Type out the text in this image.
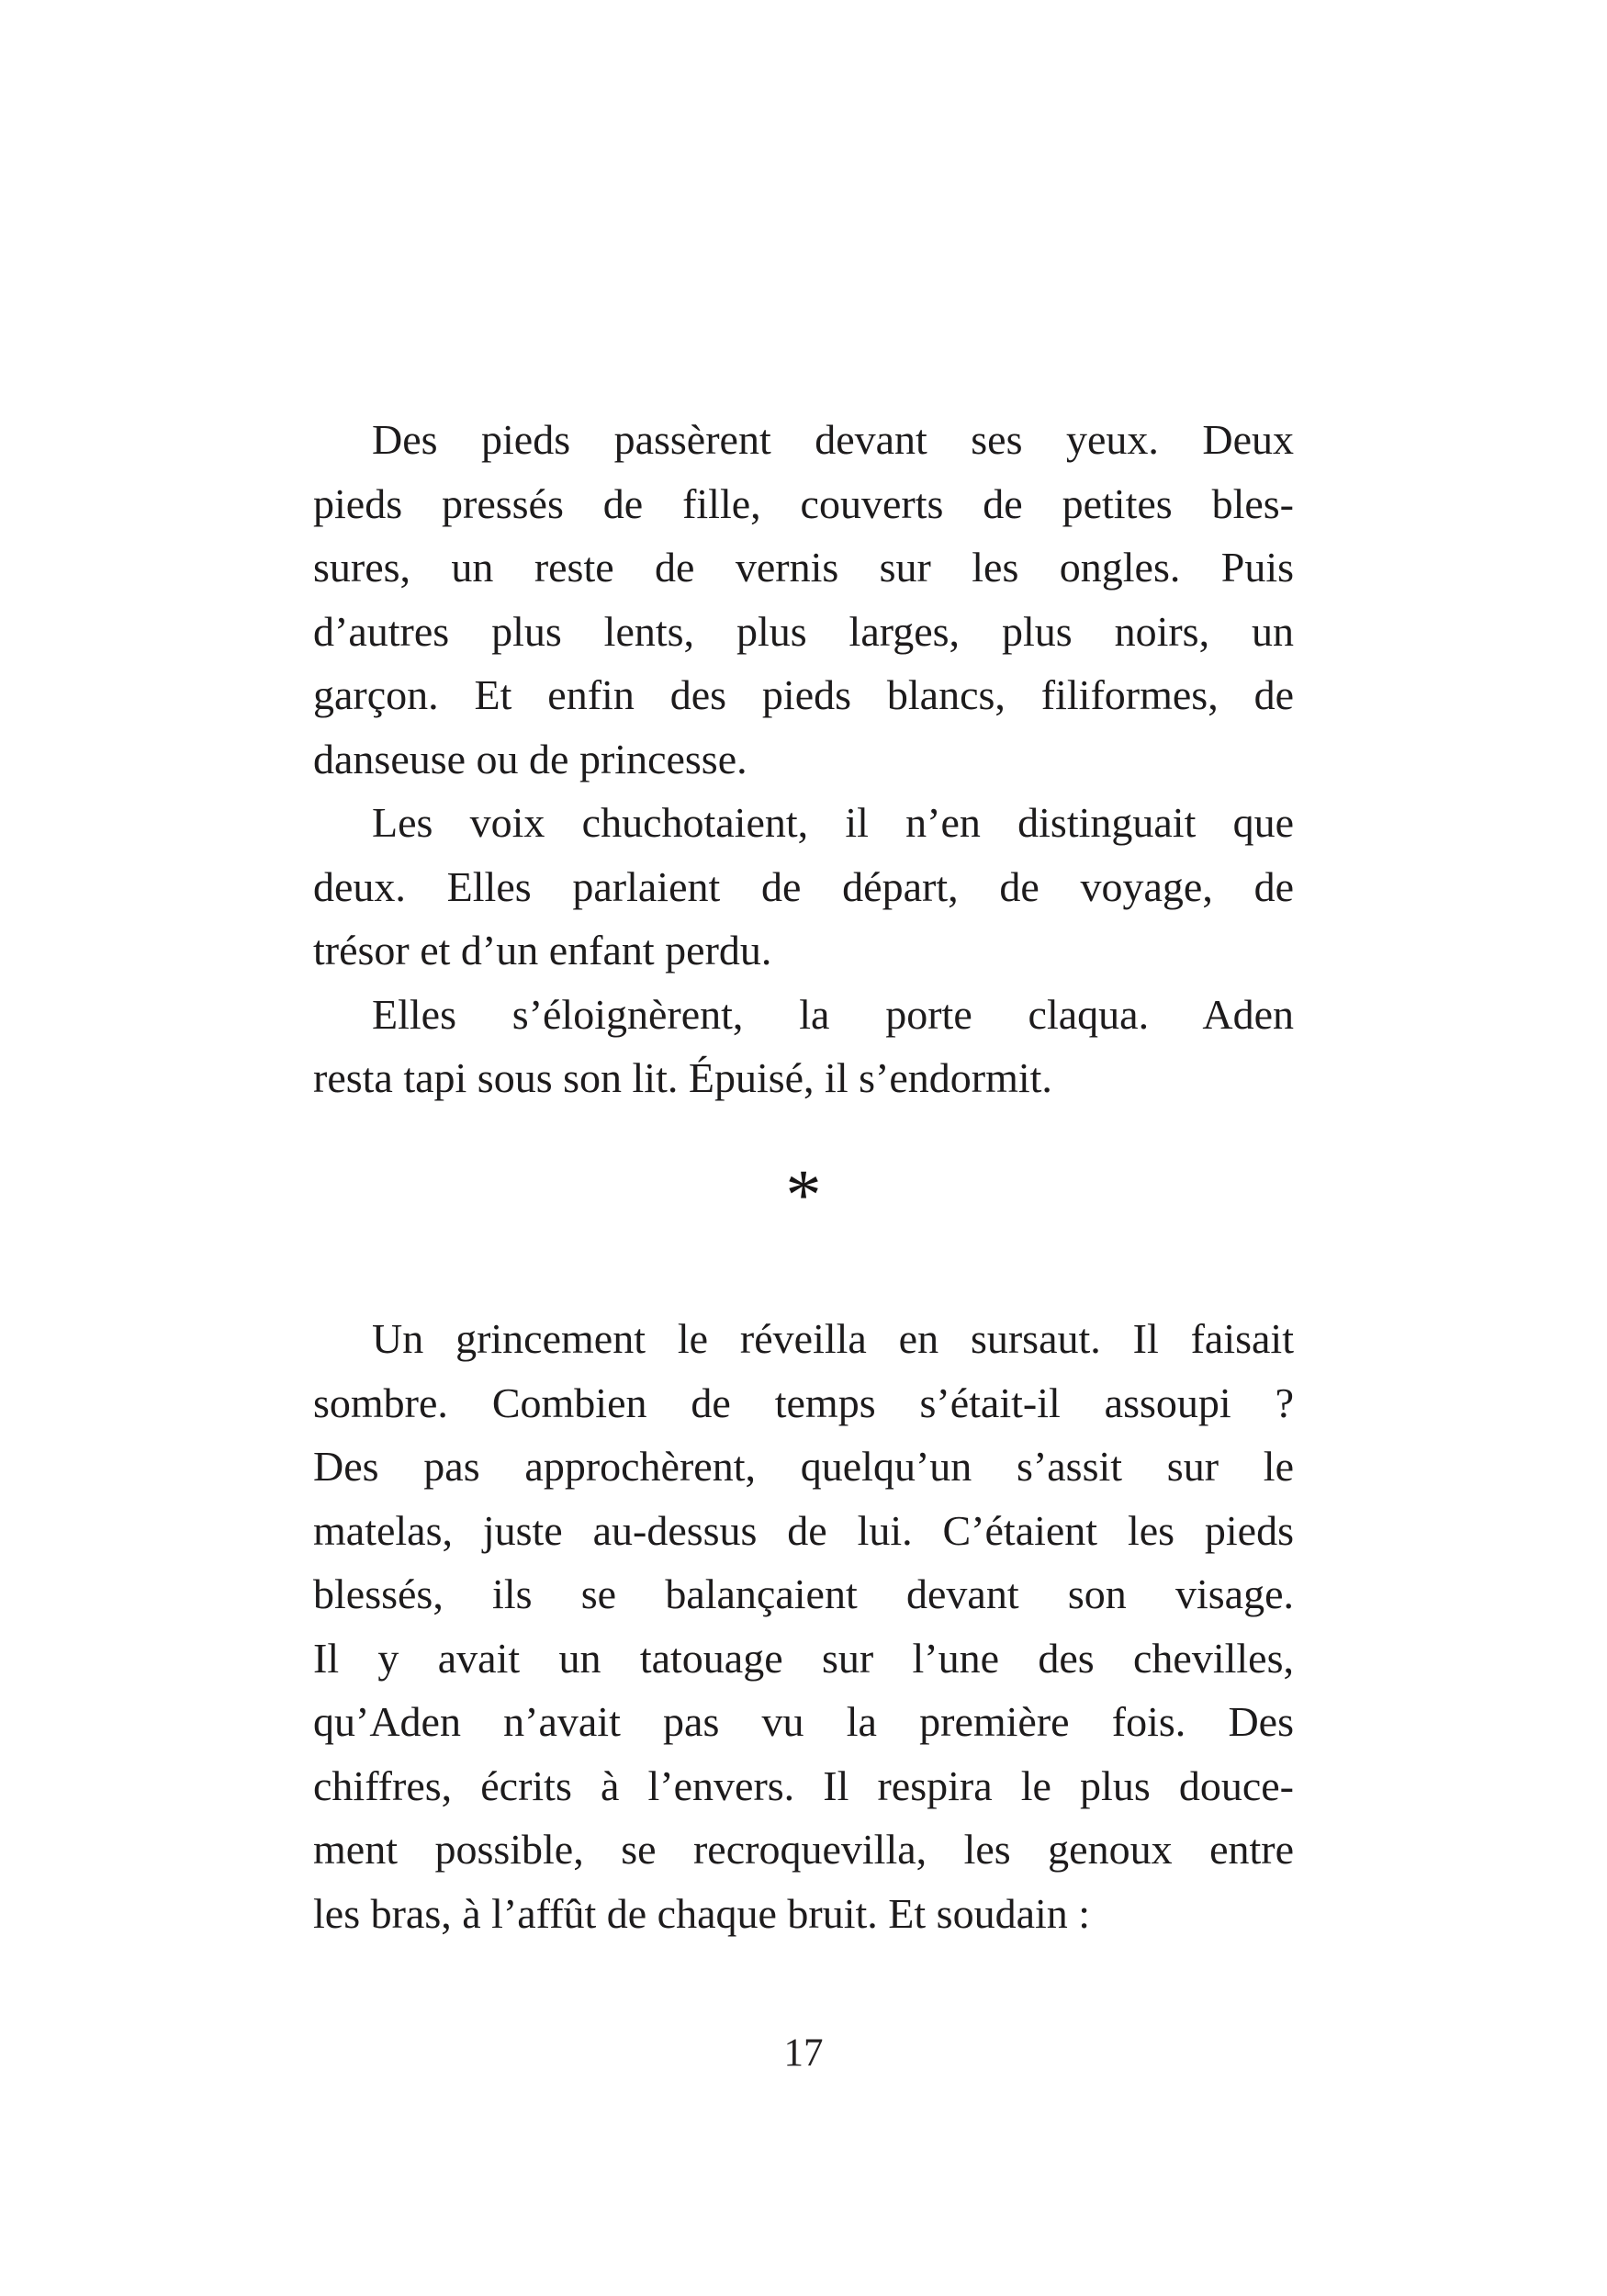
Des pieds passèrent devant ses yeux. Deux
pieds pressés de fille, couverts de petites bles-
sures, un reste de vernis sur les ongles. Puis
d’autres plus lents, plus larges, plus noirs, un
garçon. Et enfin des pieds blancs, filiformes, de
danseuse ou de princesse.
Les voix chuchotaient, il n’en distinguait que
deux. Elles parlaient de départ, de voyage, de
trésor et d’un enfant perdu.
Elles s’éloignèrent, la porte claqua. Aden
resta tapi sous son lit. Épuisé, il s’endormit.
*
Un grincement le réveilla en sursaut. Il faisait
sombre. Combien de temps s’était-il assoupi ?
Des pas approchèrent, quelqu’un s’assit sur le
matelas, juste au-dessus de lui. C’étaient les pieds
blessés, ils se balançaient devant son visage.
Il y avait un tatouage sur l’une des chevilles,
qu’Aden n’avait pas vu la première fois. Des
chiffres, écrits à l’envers. Il respira le plus douce-
ment possible, se recroquevilla, les genoux entre
les bras, à l’affût de chaque bruit. Et soudain :
17
